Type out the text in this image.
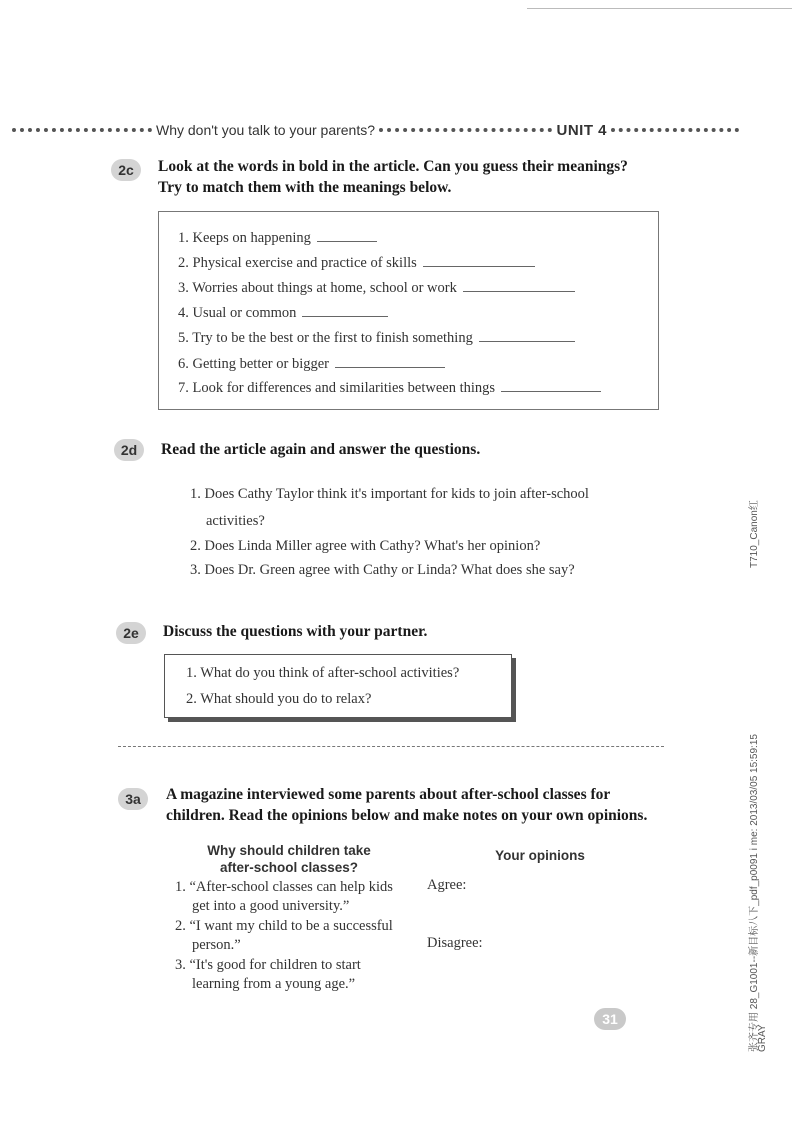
Why don't you talk to your parents?	UNIT 4
2c	Look at the words in bold in the article. Can you guess their meanings?
Try to match them with the meanings below.
1. Keeps on happening
2. Physical exercise and practice of skills
3. Worries about things at home, school or work
4. Usual or common
5. Try to be the best or the first to finish something
6. Getting better or bigger
7. Look for differences and similarities between things
2d	Read the article again and answer the questions.
1. Does Cathy Taylor think it's important for kids to join after-school
activities?
2. Does Linda Miller agree with Cathy? What's her opinion?
3. Does Dr. Green agree with Cathy or Linda? What does she say?
2e	Discuss the questions with your partner.
1. What do you think of after-school activities?
2. What should you do to relax?
3a	A magazine interviewed some parents about after-school classes for
children. Read the opinions below and make notes on your own opinions.
Why should children take
after-school classes?
Your opinions
1. “After-school classes can help kids
get into a good university.”
2. “I want my child to be a successful
person.”
3. “It's good for children to start
learning from a young age.”
Agree:
Disagree:
31
T710_Canon红
张齐专用 28_G1001--新目标八下_pdf_p0091 i me: 2013/03/05 15:59:15
GRAY
